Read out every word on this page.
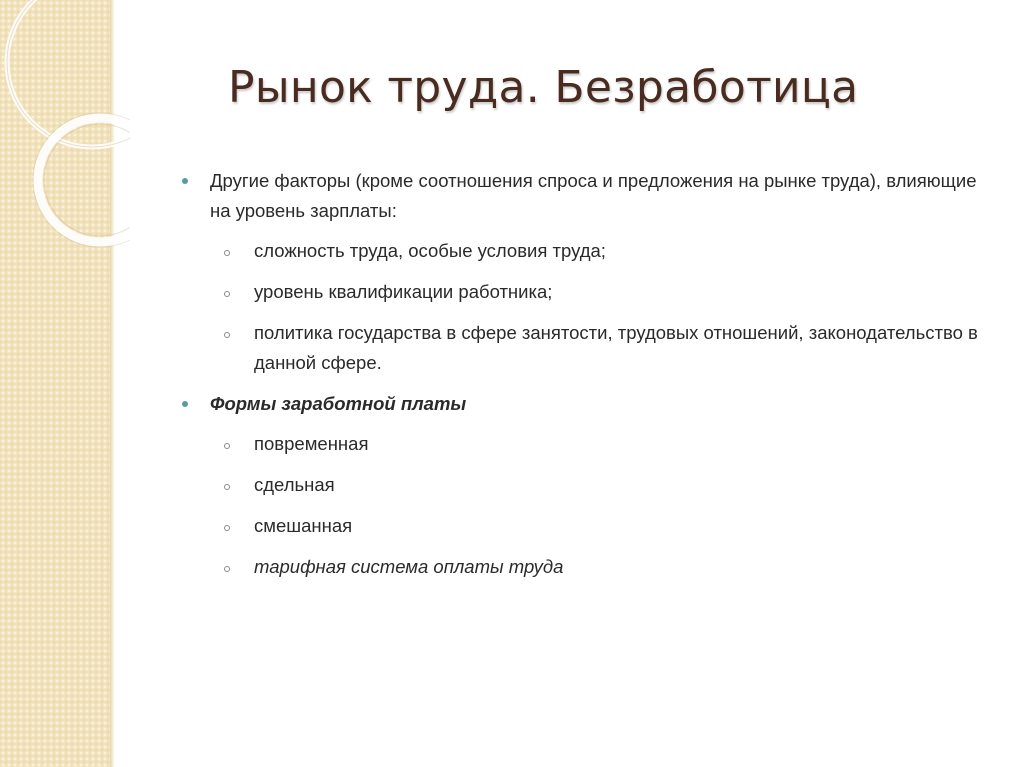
Рынок труда. Безработица
Другие факторы (кроме соотношения спроса и предложения на рынке труда), влияющие на уровень зарплаты:
сложность труда, особые условия труда;
уровень квалификации работника;
политика государства в сфере занятости, трудовых отношений, законодательство в данной сфере.
Формы заработной платы
повременная
сдельная
смешанная
тарифная система оплаты труда
